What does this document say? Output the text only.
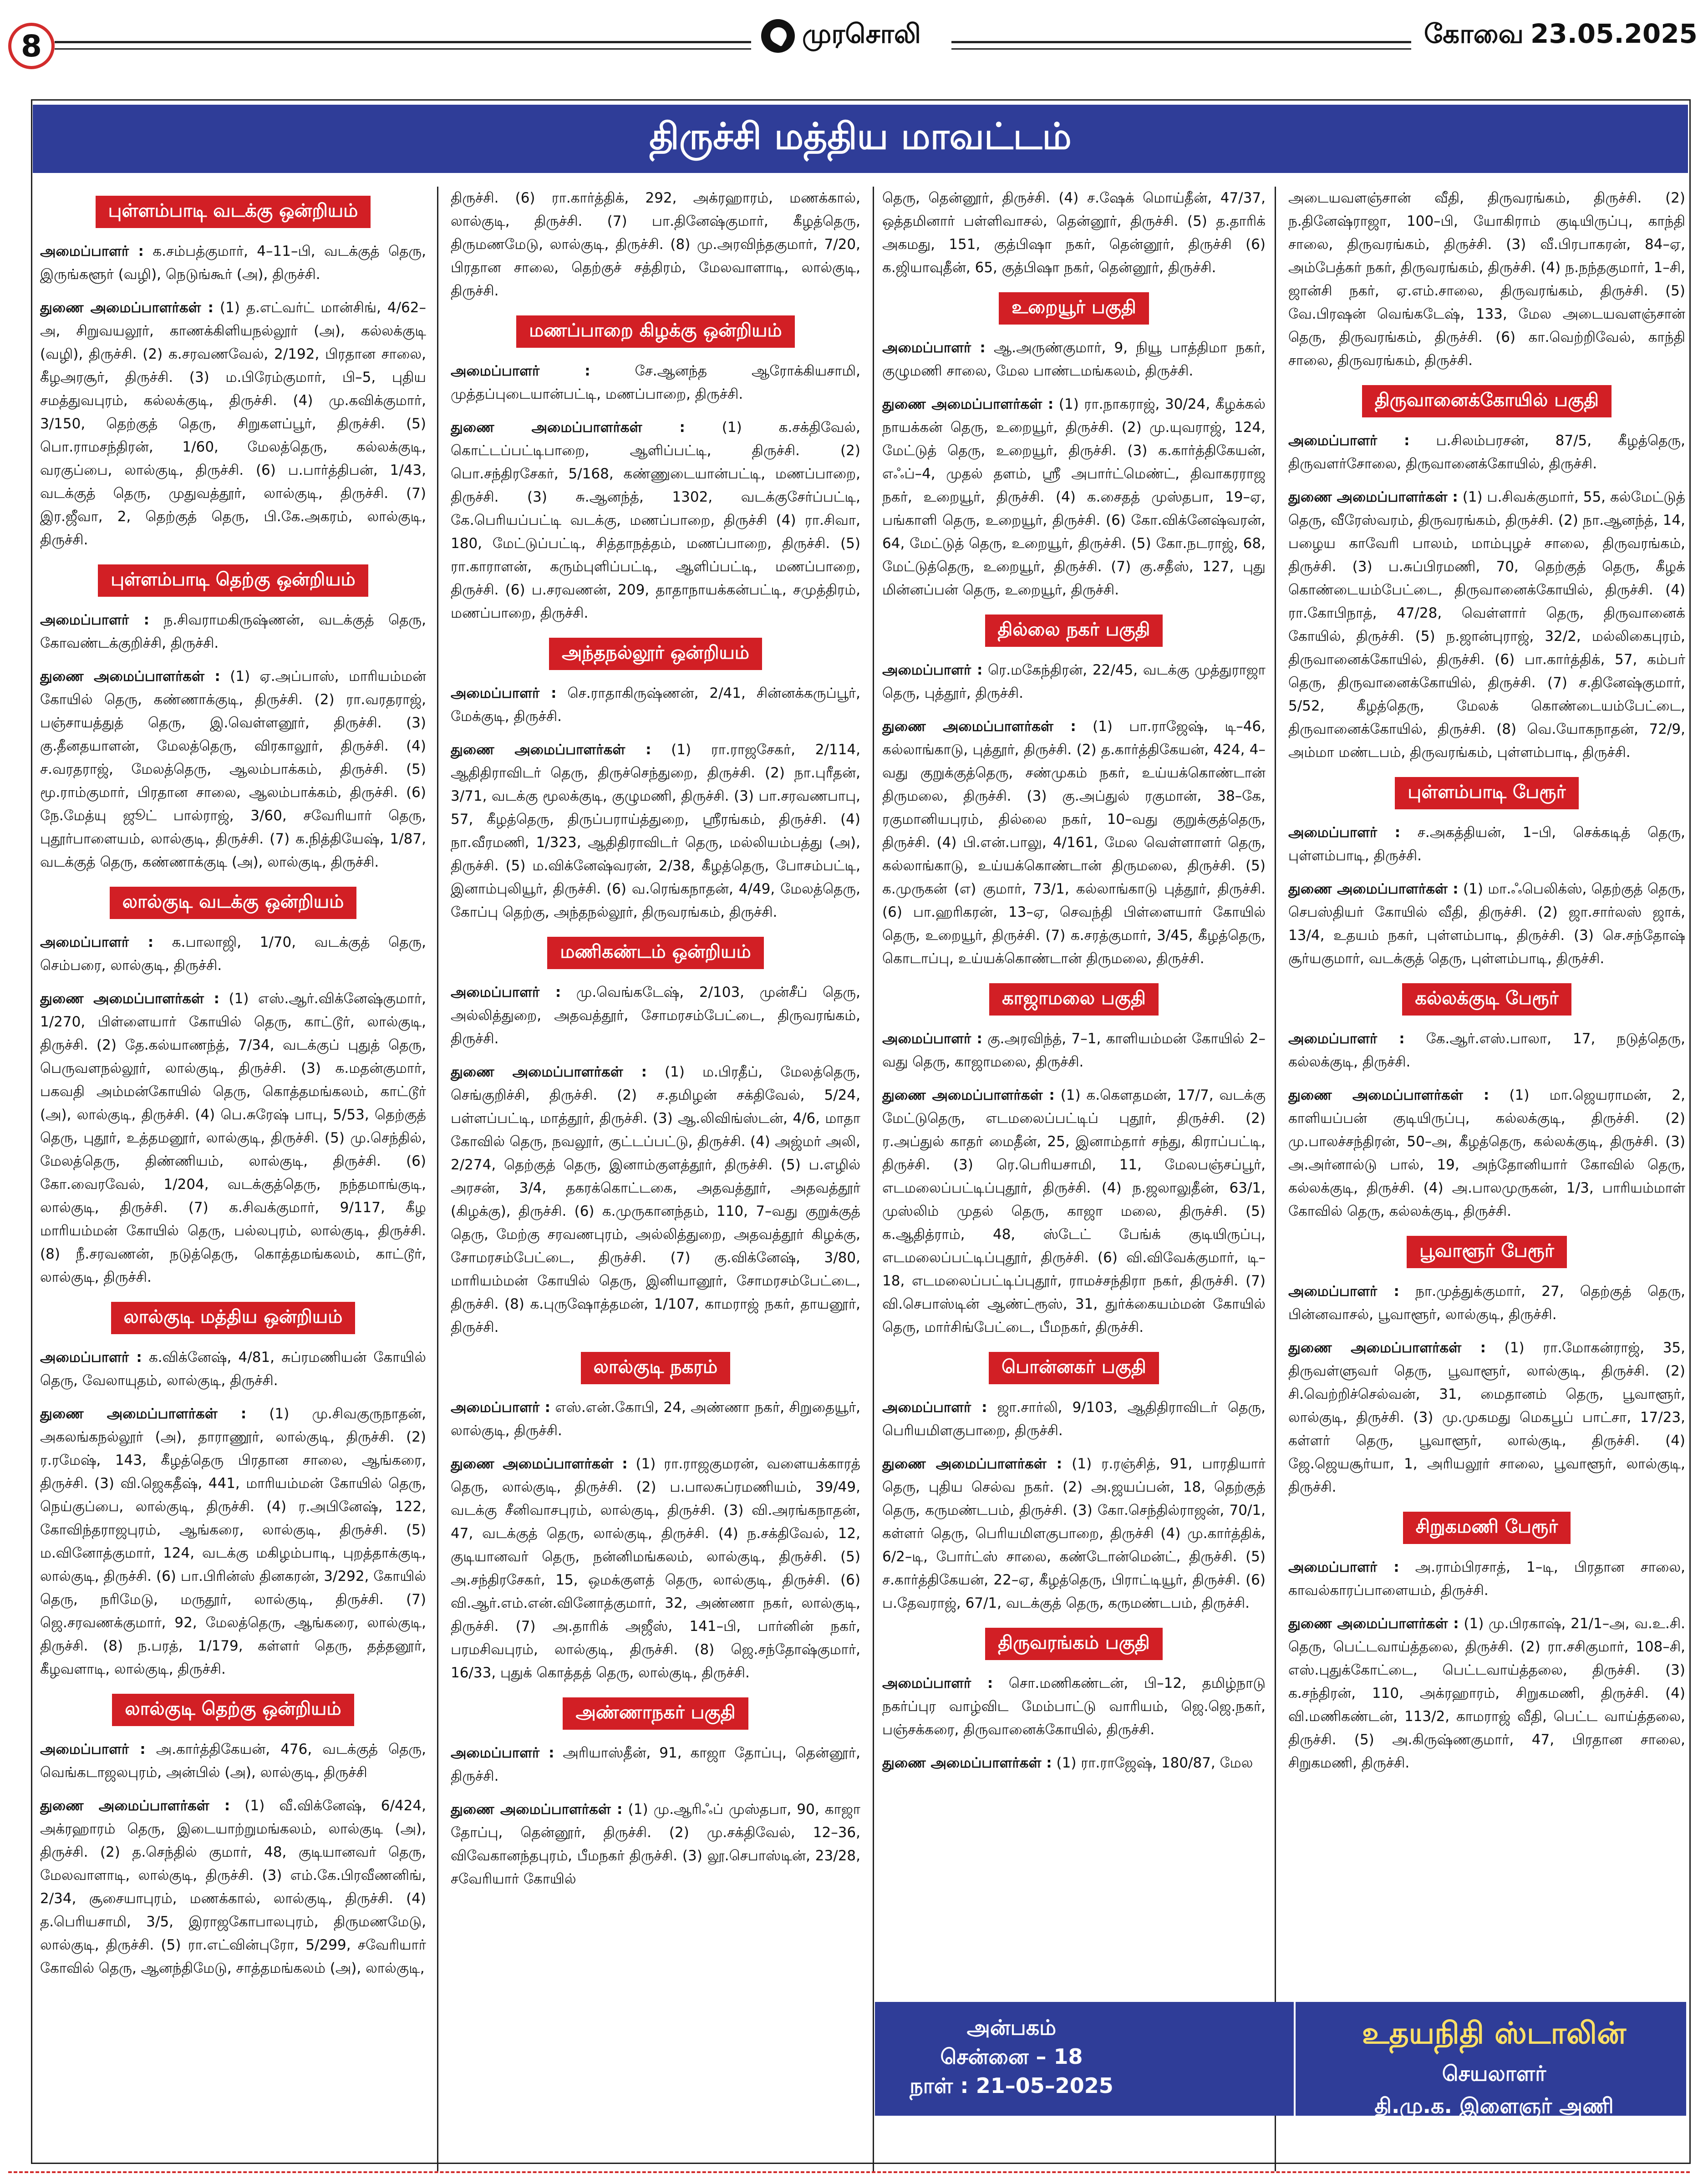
8	முரசொலி	கோவை 23.05.2025
திருச்சி மத்திய மாவட்டம்
புள்ளம்பாடி வடக்கு ஒன்றியம்

அமைப்பாளர் : க.சம்பத்குமார், 4–11–பி, வடக்குத் தெரு, இருங்களூர் (வழி), நெடுங்கூர் (அ), திருச்சி.

துணை அமைப்பாளர்கள் : (1) த.எட்வர்ட் மான்சிங், 4/62–அ, சிறுவயலூர், காணக்கிளியநல்லூர் (அ), கல்லக்குடி (வழி), திருச்சி. (2) க.சரவணவேல், 2/192, பிரதான சாலை, கீழஅரசூர், திருச்சி. (3) ம.பிரேம்குமார், பி–5, புதிய சமத்துவபுரம், கல்லக்குடி, திருச்சி. (4) மு.கவிக்குமார், 3/150, தெற்குத் தெரு, சிறுகளப்பூர், திருச்சி. (5) பொ.ராமசந்திரன், 1/60, மேலத்தெரு, கல்லக்குடி, வரகுப்பை, லால்குடி, திருச்சி. (6) ப.பார்த்திபன், 1/43, வடக்குத் தெரு, முதுவத்தூர், லால்குடி, திருச்சி. (7) இர.ஜீவா, 2, தெற்குத் தெரு, பி.கே.அகரம், லால்குடி, திருச்சி.

புள்ளம்பாடி தெற்கு ஒன்றியம்

அமைப்பாளர் : ந.சிவராமகிருஷ்ணன், வடக்குத் தெரு, கோவண்டக்குறிச்சி, திருச்சி.

துணை அமைப்பாளர்கள் : (1) ஏ.அப்பாஸ், மாரியம்மன் கோயில் தெரு, கண்ணாக்குடி, திருச்சி. (2) ரா.வரதராஜ், பஞ்சாயத்துத் தெரு, இ.வெள்ளனூர், திருச்சி. (3) கு.தீனதயாளன், மேலத்தெரு, விரகாலூர், திருச்சி. (4) ச.வரதராஜ், மேலத்தெரு, ஆலம்பாக்கம், திருச்சி. (5) மூ.ராம்குமார், பிரதான சாலை, ஆலம்பாக்கம், திருச்சி. (6) நே.மேத்யு ஜூட் பால்ராஜ், 3/60, சவேரியார் தெரு, புதூர்பாளையம், லால்குடி, திருச்சி. (7) க.நித்தியேஷ், 1/87, வடக்குத் தெரு, கண்ணாக்குடி (அ), லால்குடி, திருச்சி.

லால்குடி வடக்கு ஒன்றியம்

அமைப்பாளர் : க.பாலாஜி, 1/70, வடக்குத் தெரு, செம்பரை, லால்குடி, திருச்சி.

துணை அமைப்பாளர்கள் : (1) எஸ்.ஆர்.விக்னேஷ்குமார், 1/270, பிள்ளையார் கோயில் தெரு, காட்டூர், லால்குடி, திருச்சி. (2) தே.கல்யாணந்த், 7/34, வடக்குப் புதுத் தெரு, பெருவளநல்லூர், லால்குடி, திருச்சி. (3) க.மதன்குமார், பகவதி அம்மன்கோயில் தெரு, கொத்தமங்கலம், காட்டூர் (அ), லால்குடி, திருச்சி. (4) பெ.சுரேஷ் பாபு, 5/53, தெற்குத் தெரு, புதூர், உத்தமனூர், லால்குடி, திருச்சி. (5) மு.செந்தில், மேலத்தெரு, திண்ணியம், லால்குடி, திருச்சி. (6) கோ.வைரவேல், 1/204, வடக்குத்தெரு, நந்தமாங்குடி, லால்குடி, திருச்சி. (7) க.சிவக்குமார், 9/117, கீழ மாரியம்மன் கோயில் தெரு, பல்லபுரம், லால்குடி, திருச்சி. (8) நீ.சரவணன், நடுத்தெரு, கொத்தமங்கலம், காட்டூர், லால்குடி, திருச்சி.

லால்குடி மத்திய ஒன்றியம்

அமைப்பாளர் : க.விக்னேஷ், 4/81, சுப்ரமணியன் கோயில் தெரு, வேலாயுதம், லால்குடி, திருச்சி.

துணை அமைப்பாளர்கள் : (1) மு.சிவகுருநாதன், அகலங்கநல்லூர் (அ), தாராணூர், லால்குடி, திருச்சி. (2) ர.ரமேஷ், 143, கீழத்தெரு பிரதான சாலை, ஆங்கரை, திருச்சி. (3) வி.ஜெகதீஷ், 441, மாரியம்மன் கோயில் தெரு, நெய்குப்பை, லால்குடி, திருச்சி. (4) ர.அபினேஷ், 122, கோவிந்தராஜபுரம், ஆங்கரை, லால்குடி, திருச்சி. (5) ம.வினோத்குமார், 124, வடக்கு மகிழம்பாடி, புறத்தாக்குடி, லால்குடி, திருச்சி. (6) பா.பிரின்ஸ் தினகரன், 3/292, கோயில் தெரு, நரிமேடு, மருதூர், லால்குடி, திருச்சி. (7) ஜெ.சரவணக்குமார், 92, மேலத்தெரு, ஆங்கரை, லால்குடி, திருச்சி. (8) ந.பரத், 1/179, கள்ளர் தெரு, தத்தனூர், கீழவளாடி, லால்குடி, திருச்சி.

லால்குடி தெற்கு ஒன்றியம்

அமைப்பாளர் : அ.கார்த்திகேயன், 476, வடக்குத் தெரு, வெங்கடாஜலபுரம், அன்பில் (அ), லால்குடி, திருச்சி

துணை அமைப்பாளர்கள் : (1) வீ.விக்னேஷ், 6/424, அக்ரஹாரம் தெரு, இடையாற்றுமங்கலம், லால்குடி (அ), திருச்சி. (2) த.செந்தில் குமார், 48, குடியானவர் தெரு, மேலவாளாடி, லால்குடி, திருச்சி. (3) எம்.கே.பிரவீணனிங், 2/34, சூசையாபுரம், மணக்கால், லால்குடி, திருச்சி. (4) த.பெரியசாமி, 3/5, இராஜகோபாலபுரம், திருமணமேடு, லால்குடி, திருச்சி. (5) ரா.எட்வின்புரோ, 5/299, சவேரியார் கோவில் தெரு, ஆனந்திமேடு, சாத்தமங்கலம் (அ), லால்குடி,

திருச்சி. (6) ரா.கார்த்திக், 292, அக்ரஹாரம், மணக்கால், லால்குடி, திருச்சி. (7) பா.தினேஷ்குமார், கீழத்தெரு, திருமணமேடு, லால்குடி, திருச்சி. (8) மு.அரவிந்தகுமார், 7/20, பிரதான சாலை, தெற்குச் சத்திரம், மேலவாளாடி, லால்குடி, திருச்சி.

மணப்பாறை கிழக்கு ஒன்றியம்

அமைப்பாளர் : சே.ஆனந்த ஆரோக்கியசாமி, முத்தப்புடையான்பட்டி, மணப்பாறை, திருச்சி.

துணை அமைப்பாளர்கள் : (1) க.சக்திவேல், கொட்டப்பட்டிபாறை, ஆளிப்பட்டி, திருச்சி. (2) பொ.சந்திரசேகர், 5/168, கண்ணுடையான்பட்டி, மணப்பாறை, திருச்சி. (3) சு.ஆனந்த், 1302, வடக்குசேர்ப்பட்டி, கே.பெரியப்பட்டி வடக்கு, மணப்பாறை, திருச்சி (4) ரா.சிவா, 180, மேட்டுப்பட்டி, சித்தாநத்தம், மணப்பாறை, திருச்சி. (5) ரா.காராளன், கரும்புளிப்பட்டி, ஆளிப்பட்டி, மணப்பாறை, திருச்சி. (6) ப.சரவணன், 209, தாதாநாயக்கன்பட்டி, சமுத்திரம், மணப்பாறை, திருச்சி.

அந்தநல்லூர் ஒன்றியம்

அமைப்பாளர் : செ.ராதாகிருஷ்ணன், 2/41, சின்னக்கருப்பூர், மேக்குடி, திருச்சி.

துணை அமைப்பாளர்கள் : (1) ரா.ராஜசேகர், 2/114, ஆதிதிராவிடர் தெரு, திருச்செந்துறை, திருச்சி. (2) நா.புரீதன், 3/71, வடக்கு மூலக்குடி, குழுமணி, திருச்சி. (3) பா.சரவணபாபு, 57, கீழத்தெரு, திருப்பராய்த்துறை, ஸ்ரீரங்கம், திருச்சி. (4) நா.வீரமணி, 1/323, ஆதிதிராவிடர் தெரு, மல்லியம்பத்து (அ), திருச்சி. (5) ம.விக்னேஷ்வரன், 2/38, கீழத்தெரு, போசம்பட்டி, இனாம்புலியூர், திருச்சி. (6) வ.ரெங்கநாதன், 4/49, மேலத்தெரு, கோப்பு தெற்கு, அந்தநல்லூர், திருவரங்கம், திருச்சி.

மணிகண்டம் ஒன்றியம்

அமைப்பாளர் : மு.வெங்கடேஷ், 2/103, முன்சீப் தெரு, அல்லித்துறை, அதவத்தூர், சோமரசம்பேட்டை, திருவரங்கம், திருச்சி.

துணை அமைப்பாளர்கள் : (1) ம.பிரதீப், மேலத்தெரு, செங்குறிச்சி, திருச்சி. (2) ச.தமிழன் சக்திவேல், 5/24, பள்ளப்பட்டி, மாத்தூர், திருச்சி. (3) ஆ.லிவிங்ஸ்டன், 4/6, மாதா கோவில் தெரு, நவலூர், குட்டப்பட்டு, திருச்சி. (4) அஜ்மர் அலி, 2/274, தெற்குத் தெரு, இனாம்குளத்தூர், திருச்சி. (5) ப.எழில் அரசன், 3/4, தகரக்கொட்டகை, அதவத்தூர், அதவத்தூர் (கிழக்கு), திருச்சி. (6) க.முருகானந்தம், 110, 7–வது குறுக்குத் தெரு, மேற்கு சரவணபுரம், அல்லித்துறை, அதவத்தூர் கிழக்கு, சோமரசம்பேட்டை, திருச்சி. (7) கு.விக்னேஷ், 3/80, மாரியம்மன் கோயில் தெரு, இனியானூர், சோமரசம்பேட்டை, திருச்சி. (8) க.புருஷோத்தமன், 1/107, காமராஜ் நகர், தாயனூர், திருச்சி.

லால்குடி நகரம்

அமைப்பாளர் : எஸ்.என்.கோபி, 24, அண்ணா நகர், சிறுதையூர், லால்குடி, திருச்சி.

துணை அமைப்பாளர்கள் : (1) ரா.ராஜகுமரன், வளையக்காரத் தெரு, லால்குடி, திருச்சி. (2) ப.பாலசுப்ரமணியம், 39/49, வடக்கு சீனிவாசபுரம், லால்குடி, திருச்சி. (3) வி.அரங்கநாதன், 47, வடக்குத் தெரு, லால்குடி, திருச்சி. (4) ந.சக்திவேல், 12, குடியானவர் தெரு, நன்னிமங்கலம், லால்குடி, திருச்சி. (5) அ.சந்திரசேகர், 15, ஒமக்குளத் தெரு, லால்குடி, திருச்சி. (6) வி.ஆர்.எம்.என்.வினோத்குமார், 32, அண்ணா நகர், லால்குடி, திருச்சி. (7) அ.தாரிக் அஜீஸ், 141–பி, பார்னின் நகர், பரமசிவபுரம், லால்குடி, திருச்சி. (8) ஜெ.சந்தோஷ்குமார், 16/33, புதுக் கொத்தத் தெரு, லால்குடி, திருச்சி.

அண்ணாநகர் பகுதி

அமைப்பாளர் : அரியாஸ்தீன், 91, காஜா தோப்பு, தென்னூர், திருச்சி.

துணை அமைப்பாளர்கள் : (1) மு.ஆரிஃப் முஸ்தபா, 90, காஜா தோப்பு, தென்னூர், திருச்சி. (2) மு.சக்திவேல், 12–36, விவேகானந்தபுரம், பீமநகர் திருச்சி. (3) லூ.செபாஸ்டின், 23/28, சவேரியார் கோயில்

தெரு, தென்னூர், திருச்சி. (4) ச.ஷேக் மொய்தீன், 47/37, ஒத்தமினார் பள்ளிவாசல், தென்னூர், திருச்சி. (5) த.தாரிக் அகமது, 151, குத்பிஷா நகர், தென்னூர், திருச்சி (6) க.ஜியாவுதீன், 65, குத்பிஷா நகர், தென்னூர், திருச்சி.

உறையூர் பகுதி

அமைப்பாளர் : ஆ.அருண்குமார், 9, நியூ பாத்திமா நகர், குழுமணி சாலை, மேல பாண்டமங்கலம், திருச்சி.

துணை அமைப்பாளர்கள் : (1) ரா.நாகராஜ், 30/24, கீழக்கல் நாயக்கன் தெரு, உறையூர், திருச்சி. (2) மு.யுவராஜ், 124, மேட்டுத் தெரு, உறையூர், திருச்சி. (3) க.கார்த்திகேயன், எஃப்–4, முதல் தளம், ஸ்ரீ அபார்ட்மெண்ட், திவாகரராஜ நகர், உறையூர், திருச்சி. (4) க.சைதத் முஸ்தபா, 19–ஏ, பங்காளி தெரு, உறையூர், திருச்சி. (6) கோ.விக்னேஷ்வரன், 64, மேட்டுத் தெரு, உறையூர், திருச்சி. (5) கோ.நடராஜ், 68, மேட்டுத்தெரு, உறையூர், திருச்சி. (7) கு.சதீஸ், 127, புது மின்னப்பன் தெரு, உறையூர், திருச்சி.

தில்லை நகர் பகுதி

அமைப்பாளர் : ரெ.மகேந்திரன், 22/45, வடக்கு முத்துராஜா தெரு, புத்தூர், திருச்சி.

துணை அமைப்பாளர்கள் : (1) பா.ராஜேஷ், டி–46, கல்லாங்காடு, புத்தூர், திருச்சி. (2) த.கார்த்திகேயன், 424, 4–வது குறுக்குத்தெரு, சண்முகம் நகர், உய்யக்கொண்டான் திருமலை, திருச்சி. (3) கு.அப்துல் ரகுமான், 38–கே, ரகுமானியபுரம், தில்லை நகர், 10–வது குறுக்குத்தெரு, திருச்சி. (4) பி.என்.பாலு, 4/161, மேல வெள்ளாளர் தெரு, கல்லாங்காடு, உய்யக்கொண்டான் திருமலை, திருச்சி. (5) க.முருகன் (எ) குமார், 73/1, கல்லாங்காடு புத்தூர், திருச்சி. (6) பா.ஹரிகரன், 13–ஏ, செவந்தி பிள்ளையார் கோயில் தெரு, உறையூர், திருச்சி. (7) க.சரத்குமார், 3/45, கீழத்தெரு, கொடாப்பு, உய்யக்கொண்டான் திருமலை, திருச்சி.

காஜாமலை பகுதி

அமைப்பாளர் : கு.அரவிந்த், 7–1, காளியம்மன் கோயில் 2–வது தெரு, காஜாமலை, திருச்சி.

துணை அமைப்பாளர்கள் : (1) க.கௌதமன், 17/7, வடக்கு மேட்டுதெரு, எடமலைப்பட்டிப் புதூர், திருச்சி. (2) ர.அப்துல் காதர் மைதீன், 25, இனாம்தார் சந்து, கிராப்பட்டி, திருச்சி. (3) ரெ.பெரியசாமி, 11, மேலபஞ்சப்பூர், எடமலைப்பட்டிப்புதூர், திருச்சி. (4) ந.ஜலாலுதீன், 63/1, முஸ்லிம் முதல் தெரு, காஜா மலை, திருச்சி. (5) க.ஆதித்ராம், 48, ஸ்டேட் பேங்க் குடியிருப்பு, எடமலைப்பட்டிப்புதூர், திருச்சி. (6) வி.விவேக்குமார், டி–18, எடமலைப்பட்டிப்புதூர், ராமச்சந்திரா நகர், திருச்சி. (7) வி.செபாஸ்டின் ஆண்ட்ரூஸ், 31, துர்க்கையம்மன் கோயில் தெரு, மார்சிங்பேட்டை, பீமநகர், திருச்சி.

பொன்னகர் பகுதி

அமைப்பாளர் : ஜா.சார்லி, 9/103, ஆதிதிராவிடர் தெரு, பெரியமிளகுபாறை, திருச்சி.

துணை அமைப்பாளர்கள் : (1) ர.ரஞ்சித், 91, பாரதியார் தெரு, புதிய செல்வ நகர். (2) அ.ஜயப்பன், 18, தெற்குத் தெரு, கருமண்டபம், திருச்சி. (3) கோ.செந்தில்ராஜன், 70/1, கள்ளர் தெரு, பெரியமிளகுபாறை, திருச்சி (4) மு.கார்த்திக், 6/2–டி, போர்ட்ஸ் சாலை, கண்டோன்மென்ட், திருச்சி. (5) ச.கார்த்திகேயன், 22–ஏ, கீழத்தெரு, பிராட்டியூர், திருச்சி. (6) ப.தேவராஜ், 67/1, வடக்குத் தெரு, கருமண்டபம், திருச்சி.

திருவரங்கம் பகுதி

அமைப்பாளர் : சொ.மணிகண்டன், பி–12, தமிழ்நாடு நகர்ப்புர வாழ்விட மேம்பாட்டு வாரியம், ஜெ.ஜெ.நகர், பஞ்சக்கரை, திருவானைக்கோயில், திருச்சி.

துணை அமைப்பாளர்கள் : (1) ரா.ராஜேஷ், 180/87, மேல

அடையவளஞ்சான் வீதி, திருவரங்கம், திருச்சி. (2) ந.தினேஷ்ராஜா, 100–பி, யோகிராம் குடியிருப்பு, காந்தி சாலை, திருவரங்கம், திருச்சி. (3) வீ.பிரபாகரன், 84–ஏ, அம்பேத்கர் நகர், திருவரங்கம், திருச்சி. (4) ந.நந்தகுமார், 1–சி, ஜான்சி நகர், ஏ.எம்.சாலை, திருவரங்கம், திருச்சி. (5) வே.பிரஷன் வெங்கடேஷ், 133, மேல அடையவளஞ்சான் தெரு, திருவரங்கம், திருச்சி. (6) கா.வெற்றிவேல், காந்தி சாலை, திருவரங்கம், திருச்சி.

திருவானைக்கோயில் பகுதி

அமைப்பாளர் : ப.சிலம்பரசன், 87/5, கீழத்தெரு, திருவளர்சோலை, திருவானைக்கோயில், திருச்சி.

துணை அமைப்பாளர்கள் : (1) ப.சிவக்குமார், 55, கல்மேட்டுத் தெரு, வீரேஸ்வரம், திருவரங்கம், திருச்சி. (2) நா.ஆனந்த், 14, பழைய காவேரி பாலம், மாம்புழச் சாலை, திருவரங்கம், திருச்சி. (3) ப.சுப்பிரமணி, 70, தெற்குத் தெரு, கீழக் கொண்டையம்பேட்டை, திருவானைக்கோயில், திருச்சி. (4) ரா.கோபிநாத், 47/28, வெள்ளார் தெரு, திருவானைக் கோயில், திருச்சி. (5) ந.ஜான்புராஜ், 32/2, மல்லிகைபுரம், திருவானைக்கோயில், திருச்சி. (6) பா.கார்த்திக், 57, கம்பர் தெரு, திருவானைக்கோயில், திருச்சி. (7) ச.தினேஷ்குமார், 5/52, கீழத்தெரு, மேலக் கொண்டையம்பேட்டை, திருவானைக்கோயில், திருச்சி. (8) வெ.யோகநாதன், 72/9, அம்மா மண்டபம், திருவரங்கம், புள்ளம்பாடி, திருச்சி.

புள்ளம்பாடி பேரூர்

அமைப்பாளர் : ச.அகத்தியன், 1–பி, செக்கடித் தெரு, புள்ளம்பாடி, திருச்சி.

துணை அமைப்பாளர்கள் : (1) மா.ஃபெலிக்ஸ், தெற்குத் தெரு, செபஸ்தியர் கோயில் வீதி, திருச்சி. (2) ஜா.சார்லஸ் ஜாக், 13/4, உதயம் நகர், புள்ளம்பாடி, திருச்சி. (3) செ.சந்தோஷ் சூர்யகுமார், வடக்குத் தெரு, புள்ளம்பாடி, திருச்சி.

கல்லக்குடி பேரூர்

அமைப்பாளர் : கே.ஆர்.எஸ்.பாலா, 17, நடுத்தெரு, கல்லக்குடி, திருச்சி.

துணை அமைப்பாளர்கள் : (1) மா.ஜெயராமன், 2, காளியப்பன் குடியிருப்பு, கல்லக்குடி, திருச்சி. (2) மு.பாலச்சந்திரன், 50–அ, கீழத்தெரு, கல்லக்குடி, திருச்சி. (3) அ.அர்னால்டு பால், 19, அந்தோனியார் கோவில் தெரு, கல்லக்குடி, திருச்சி. (4) அ.பாலமுருகன், 1/3, பாரியம்மாள் கோவில் தெரு, கல்லக்குடி, திருச்சி.

பூவாளூர் பேரூர்

அமைப்பாளர் : நா.முத்துக்குமார், 27, தெற்குத் தெரு, பின்னவாசல், பூவாளூர், லால்குடி, திருச்சி.

துணை அமைப்பாளர்கள் : (1) ரா.மோகன்ராஜ், 35, திருவள்ளுவர் தெரு, பூவாளூர், லால்குடி, திருச்சி. (2) சி.வெற்றிச்செல்வன், 31, மைதானம் தெரு, பூவாளூர், லால்குடி, திருச்சி. (3) மு.முகமது மெகபூப் பாட்சா, 17/23, கள்ளர் தெரு, பூவாளூர், லால்குடி, திருச்சி. (4) ஜே.ஜெயசூர்யா, 1, அரியலூர் சாலை, பூவாளூர், லால்குடி, திருச்சி.

சிறுகமணி பேரூர்

அமைப்பாளர் : அ.ராம்பிரசாத், 1–டி, பிரதான சாலை, காவல்காரப்பாளையம், திருச்சி.

துணை அமைப்பாளர்கள் : (1) மு.பிரகாஷ், 21/1–அ, வ.உ.சி. தெரு, பெட்டவாய்த்தலை, திருச்சி. (2) ரா.சசிகுமார், 108–சி, எஸ்.புதுக்கோட்டை, பெட்டவாய்த்தலை, திருச்சி. (3) க.சந்திரன், 110, அக்ரஹாரம், சிறுகமணி, திருச்சி. (4) வி.மணிகண்டன், 113/2, காமராஜ் வீதி, பெட்ட வாய்த்தலை, திருச்சி. (5) அ.கிருஷ்ணகுமார், 47, பிரதான சாலை, சிறுகமணி, திருச்சி.

அன்பகம்
சென்னை – 18
நாள் : 21–05–2025
உதயநிதி ஸ்டாலின்
செயலாளர்
தி.மு.க. இளைஞர் அணி
